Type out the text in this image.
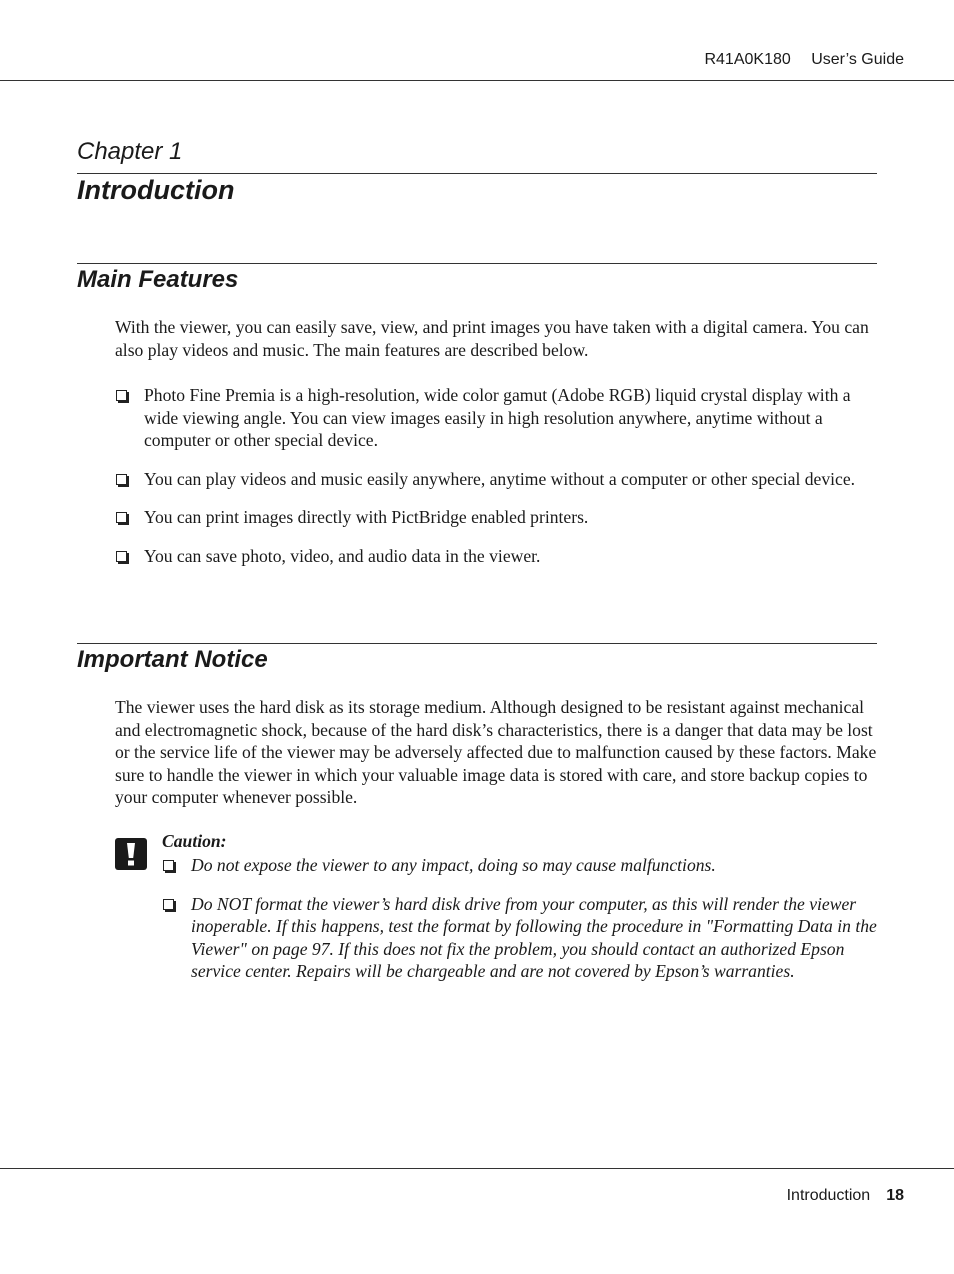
R41A0K180 User’s Guide
Chapter 1
Introduction
Main Features
With the viewer, you can easily save, view, and print images you have taken with a digital camera. You can also play videos and music. The main features are described below.
Photo Fine Premia is a high-resolution, wide color gamut (Adobe RGB) liquid crystal display with a wide viewing angle. You can view images easily in high resolution anywhere, anytime without a computer or other special device.
You can play videos and music easily anywhere, anytime without a computer or other special device.
You can print images directly with PictBridge enabled printers.
You can save photo, video, and audio data in the viewer.
Important Notice
The viewer uses the hard disk as its storage medium. Although designed to be resistant against mechanical and electromagnetic shock, because of the hard disk’s characteristics, there is a danger that data may be lost or the service life of the viewer may be adversely affected due to malfunction caused by these factors. Make sure to handle the viewer in which your valuable image data is stored with care, and store backup copies to your computer whenever possible.
Caution:
Do not expose the viewer to any impact, doing so may cause malfunctions.
Do NOT format the viewer’s hard disk drive from your computer, as this will render the viewer inoperable. If this happens, test the format by following the procedure in "Formatting Data in the Viewer" on page 97. If this does not fix the problem, you should contact an authorized Epson service center. Repairs will be chargeable and are not covered by Epson’s warranties.
Introduction 18
